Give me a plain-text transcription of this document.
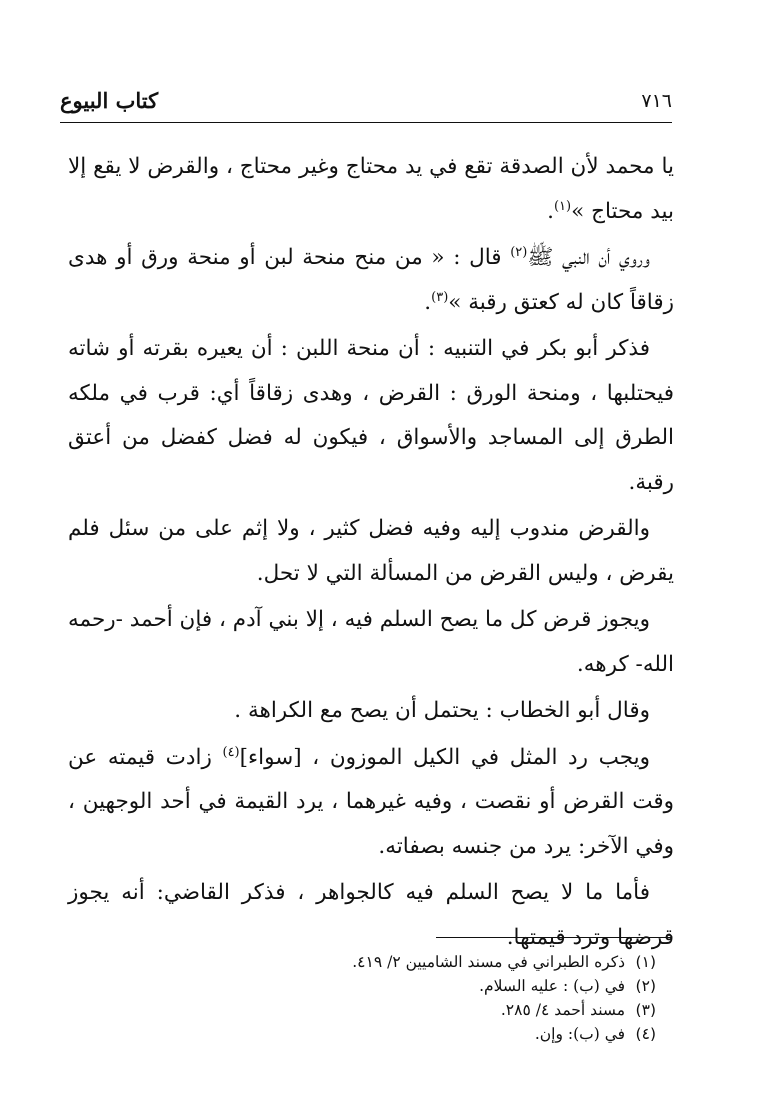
٧١٦
كتاب البيوع

يا محمد لأن الصدقة تقع في يد محتاج وغير محتاج ، والقرض لا يقع إلا بيد محتاج »$^{(١)}$.

وروي أن النبي ﷺ$^{(٢)}$ قال : « من منح منحة لبن أو منحة ورق أو هدى زقاقاً كان له كعتق رقبة »$^{(٣)}$.

فذكر أبو بكر في التنبيه : أن منحة اللبن : أن يعيره بقرته أو شاته فيحتلبها ، ومنحة الورق : القرض ، وهدى زقاقاً أي: قرب في ملكه الطرق إلى المساجد والأسواق ، فيكون له فضل كفضل من أعتق رقبة.

والقرض مندوب إليه وفيه فضل كثير ، ولا إثم على من سئل فلم يقرض ، وليس القرض من المسألة التي لا تحل.

ويجوز قرض كل ما يصح السلم فيه ، إلا بني آدم ، فإن أحمد -رحمه الله- كرهه.

وقال أبو الخطاب : يحتمل أن يصح مع الكراهة .

ويجب رد المثل في الكيل الموزون ، [سواء]$^{(٤)}$ زادت قيمته عن وقت القرض أو نقصت ، وفيه غيرهما ، يرد القيمة في أحد الوجهين ، وفي الآخر: يرد من جنسه بصفاته.

فأما ما لا يصح السلم فيه كالجواهر ، فذكر القاضي: أنه يجوز قرضها وترد قيمتها.

(١) ذكره الطبراني في مسند الشاميين ٢/ ٤١٩.
(٢) في (ب) : عليه السلام.
(٣) مسند أحمد ٤/ ٢٨٥.
(٤) في (ب): وإن.
